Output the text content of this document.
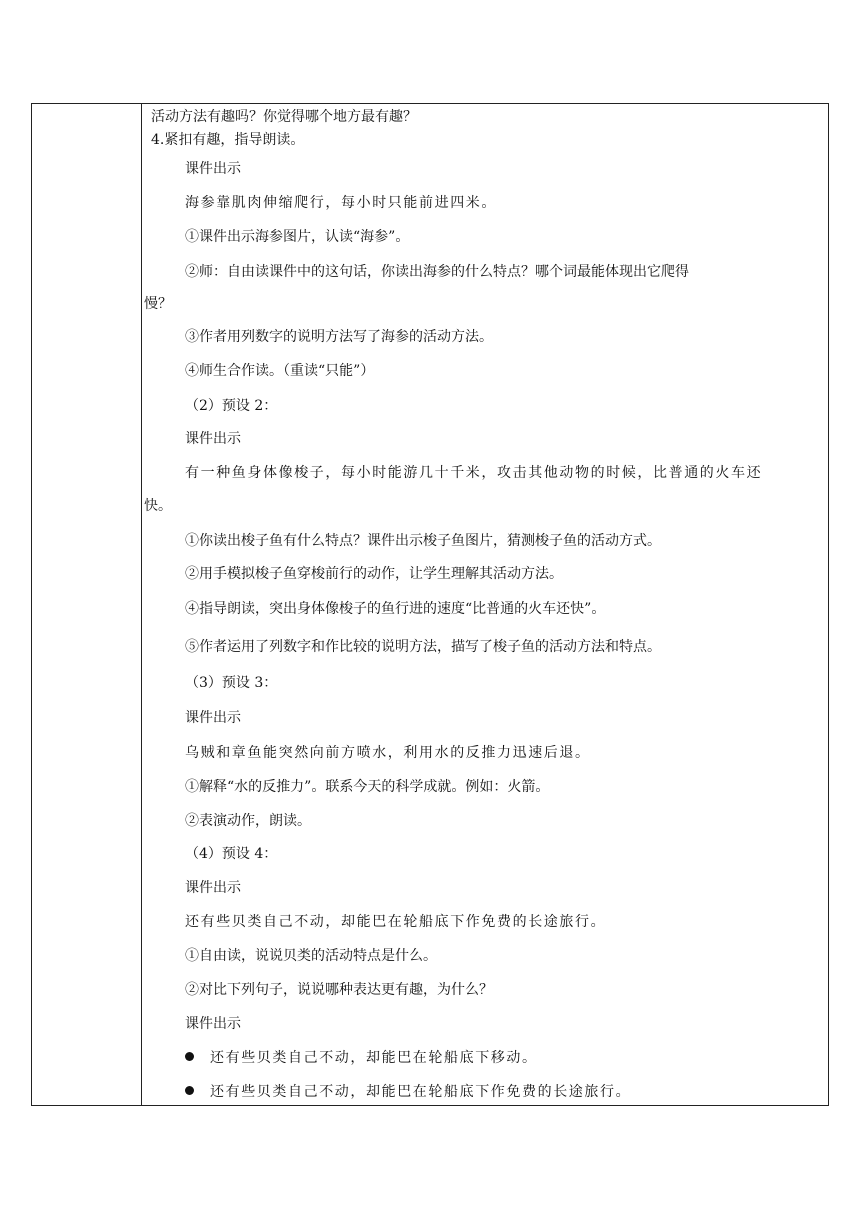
活动方法有趣吗？你觉得哪个地方最有趣？
4.紧扣有趣，指导朗读。
课件出示
海参靠肌肉伸缩爬行，每小时只能前进四米。
①课件出示海参图片，认读“海参”。
②师：自由读课件中的这句话，你读出海参的什么特点？哪个词最能体现出它爬得
慢？
③作者用列数字的说明方法写了海参的活动方法。
④师生合作读。（重读“只能”）
（2）预设 2：
课件出示
有一种鱼身体像梭子，每小时能游几十千米，攻击其他动物的时候，比普通的火车还
快。
①你读出梭子鱼有什么特点？课件出示梭子鱼图片，猜测梭子鱼的活动方式。
②用手模拟梭子鱼穿梭前行的动作，让学生理解其活动方法。
④指导朗读，突出身体像梭子的鱼行进的速度“比普通的火车还快”。
⑤作者运用了列数字和作比较的说明方法，描写了梭子鱼的活动方法和特点。
（3）预设 3：
课件出示
乌贼和章鱼能突然向前方喷水，利用水的反推力迅速后退。
①解释“水的反推力”。联系今天的科学成就。例如：火箭。
②表演动作，朗读。
（4）预设 4：
课件出示
还有些贝类自己不动，却能巴在轮船底下作免费的长途旅行。
①自由读，说说贝类的活动特点是什么。
②对比下列句子，说说哪种表达更有趣，为什么？
课件出示
还有些贝类自己不动，却能巴在轮船底下移动。
还有些贝类自己不动，却能巴在轮船底下作免费的长途旅行。
